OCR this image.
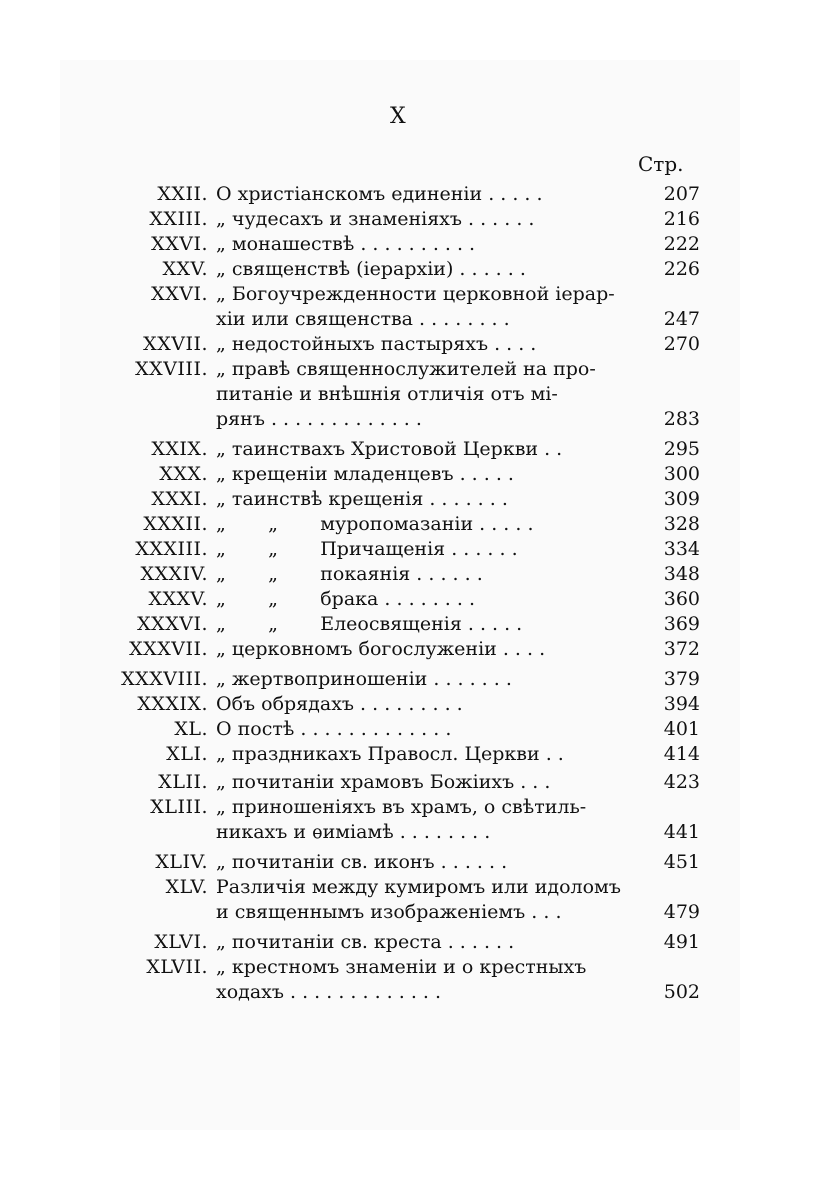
X
Стр.
XXII. О христіанскомъ единеніи . . . . .	207
XXIII. „ чудесахъ и знаменіяхъ . . . . . .	216
XXVI. „ монашествѣ . . . . . . . . . .	222
XXV. „ священствѣ (іерархіи) . . . . . .	226
XXVI. „ Богоучрежденности церковной іерар-
хіи или священства . . . . . . . .	247
XXVII. „ недостойныхъ пастыряхъ . . . .	270
XXVIII. „ правѣ священнослужителей на про-
питаніе и внѣшнія отличія отъ мі-
рянъ . . . . . . . . . . . . .	283
XXIX. „ таинствахъ Христовой Церкви . .	295
XXX. „ крещеніи младенцевъ . . . . .	300
XXXI. „ таинствѣ крещенія . . . . . . .	309
XXXII. „       „       муропомазаніи . . . . .	328
XXXIII. „       „       Причащенія . . . . . .	334
XXXIV. „       „       покаянія . . . . . .	348
XXXV. „       „       брака . . . . . . . .	360
XXXVI. „       „       Елеосвященія . . . . .	369
XXXVII. „ церковномъ богослуженіи . . . .	372
XXXVIII. „ жертвоприношеніи . . . . . . .	379
XXXIX. Объ обрядахъ . . . . . . . . .	394
XL. О постѣ . . . . . . . . . . . . .	401
XLI. „ праздникахъ Правосл. Церкви . .	414
XLII. „ почитаніи храмовъ Божіихъ . . .	423
XLIII. „ приношеніяхъ въ храмъ, о свѣтиль-
никахъ и ѳиміамѣ . . . . . . . .	441
XLIV. „ почитаніи св. иконъ . . . . . .	451
XLV. Различія между кумиромъ или идоломъ
и священнымъ изображеніемъ . . .	479
XLVI. „ почитаніи св. креста . . . . . .	491
XLVII. „ крестномъ знаменіи и о крестныхъ
ходахъ . . . . . . . . . . . . .	502
